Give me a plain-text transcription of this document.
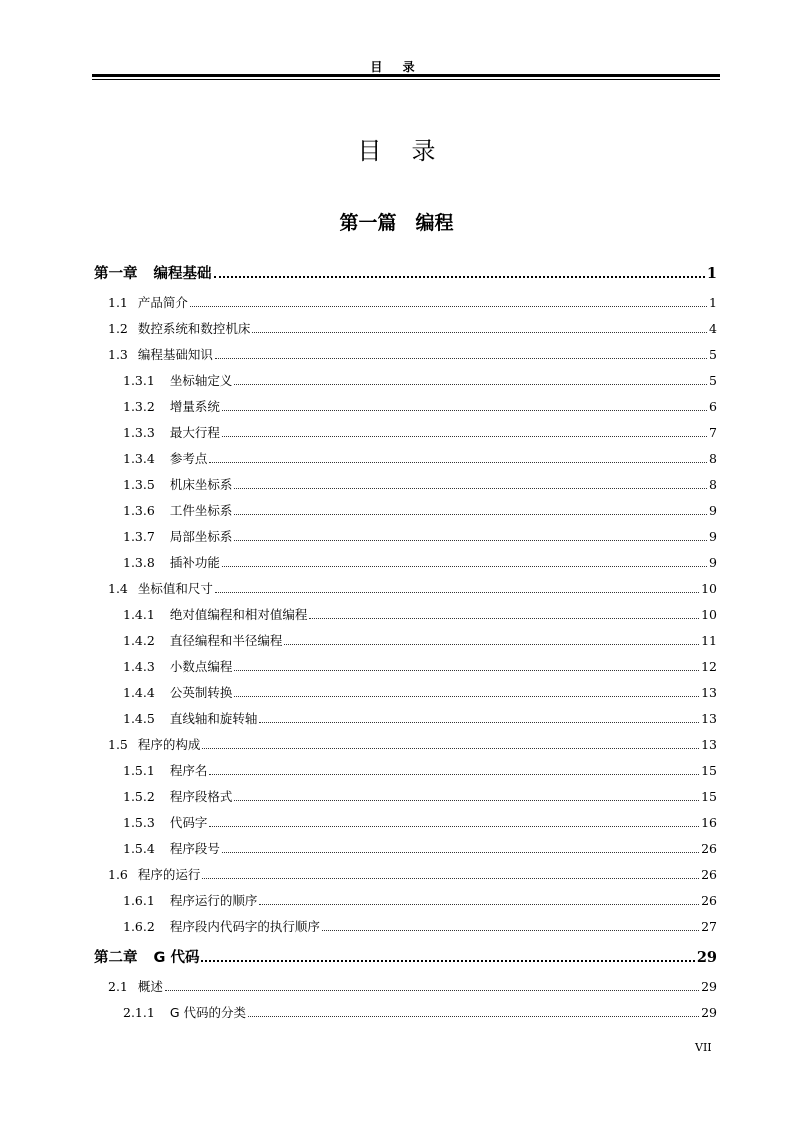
目 录
目录
第一篇　编程
第一章 编程基础	1
1.1 产品简介	1
1.2 数控系统和数控机床	4
1.3 编程基础知识	5
1.3.1 坐标轴定义	5
1.3.2 增量系统	6
1.3.3 最大行程	7
1.3.4 参考点	8
1.3.5 机床坐标系	8
1.3.6 工件坐标系	9
1.3.7 局部坐标系	9
1.3.8 插补功能	9
1.4 坐标值和尺寸	10
1.4.1 绝对值编程和相对值编程	10
1.4.2 直径编程和半径编程	11
1.4.3 小数点编程	12
1.4.4 公英制转换	13
1.4.5 直线轴和旋转轴	13
1.5 程序的构成	13
1.5.1 程序名	15
1.5.2 程序段格式	15
1.5.3 代码字	16
1.5.4 程序段号	26
1.6 程序的运行	26
1.6.1 程序运行的顺序	26
1.6.2 程序段内代码字的执行顺序	27
第二章 G 代码	29
2.1 概述	29
2.1.1 G 代码的分类	29
VII
